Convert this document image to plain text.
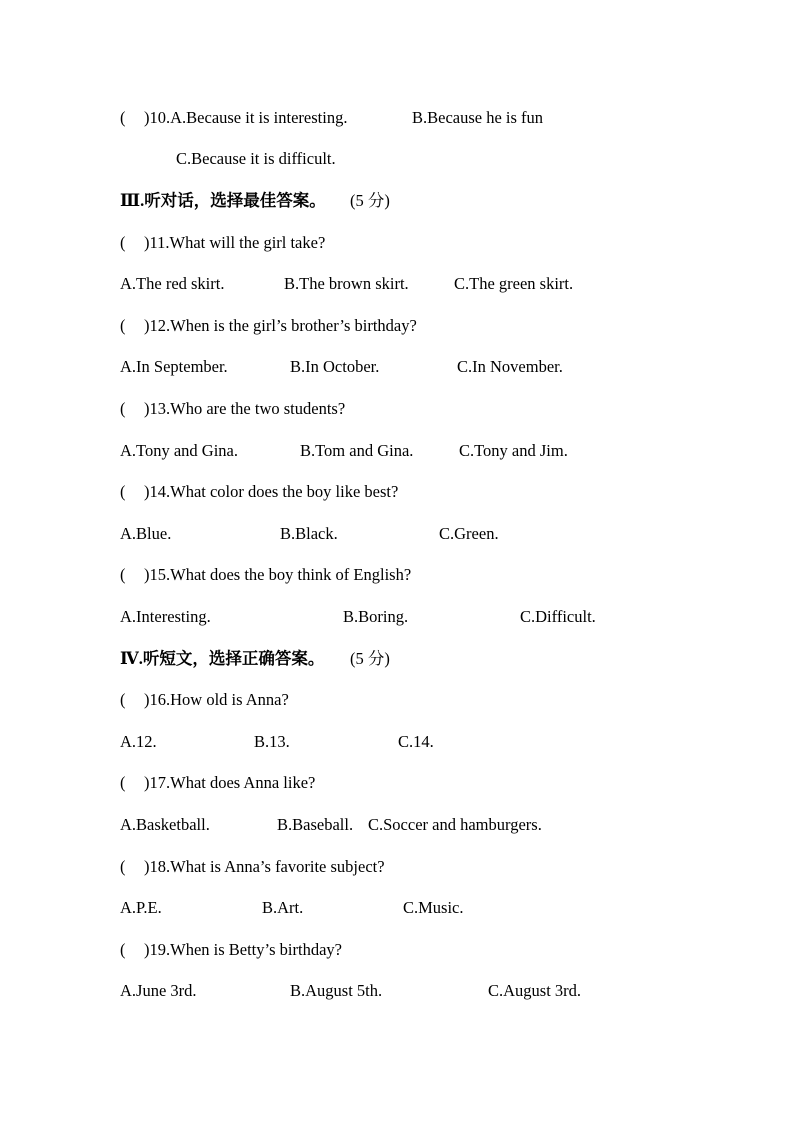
( )10.A.Because it is interesting.	B.Because he is fun
C.Because it is difficult.
Ⅲ.听对话，选择最佳答案。 (5 分)
( )11.What will the girl take?
A.The red skirt.	B.The brown skirt.	C.The green skirt.
( )12.When is the girl’s brother’s birthday?
A.In September.	B.In October.	C.In November.
( )13.Who are the two students?
A.Tony and Gina.	B.Tom and Gina.	C.Tony and Jim.
( )14.What color does the boy like best?
A.Blue.	B.Black.	C.Green.
( )15.What does the boy think of English?
A.Interesting.	B.Boring.	C.Difficult.
Ⅳ.听短文，选择正确答案。 (5 分)
( )16.How old is Anna?
A.12.	B.13.	C.14.
( )17.What does Anna like?
A.Basketball.	B.Baseball. C.Soccer and hamburgers.
( )18.What is Anna’s favorite subject?
A.P.E.	B.Art.	C.Music.
( )19.When is Betty’s birthday?
A.June 3rd.	B.August 5th.	C.August 3rd.
